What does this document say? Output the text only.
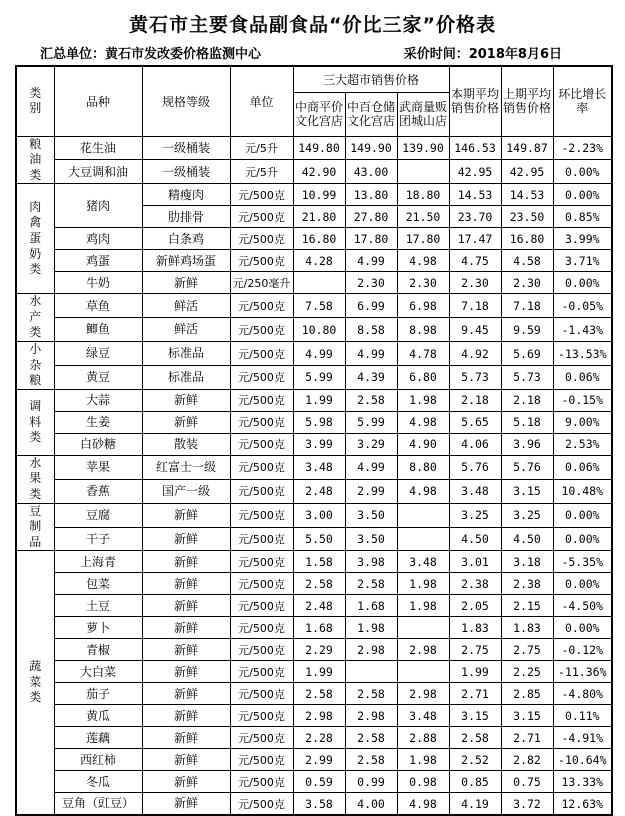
黄石市主要食品副食品“价比三家”价格表
汇总单位：黄石市发改委价格监测中心	采价时间：2018年8月6日
类别	品种	规格等级	单位	三大超市销售价格			本期平均销售价格	上期平均销售价格	环比增长率
				中商平价文化宫店	中百仓储文化宫店	武商量贩团城山店			
粮油类	花生油	一级桶装	元/5升	149.80	149.90	139.90	146.53	149.87	-2.23%
	大豆调和油	一级桶装	元/5升	42.90	43.00		42.95	42.95	0.00%
肉禽蛋奶类	猪肉	精瘦肉	元/500克	10.99	13.80	18.80	14.53	14.53	0.00%
		肋排骨	元/500克	21.80	27.80	21.50	23.70	23.50	0.85%
	鸡肉	白条鸡	元/500克	16.80	17.80	17.80	17.47	16.80	3.99%
	鸡蛋	新鲜鸡场蛋	元/500克	4.28	4.99	4.98	4.75	4.58	3.71%
	牛奶	新鲜	元/250毫升		2.30	2.30	2.30	2.30	0.00%
水产类	草鱼	鲜活	元/500克	7.58	6.99	6.98	7.18	7.18	-0.05%
	鲫鱼	鲜活	元/500克	10.80	8.58	8.98	9.45	9.59	-1.43%
小杂粮	绿豆	标准品	元/500克	4.99	4.99	4.78	4.92	5.69	-13.53%
	黄豆	标准品	元/500克	5.99	4.39	6.80	5.73	5.73	0.06%
调料类	大蒜	新鲜	元/500克	1.99	2.58	1.98	2.18	2.18	-0.15%
	生姜	新鲜	元/500克	5.98	5.99	4.98	5.65	5.18	9.00%
	白砂糖	散装	元/500克	3.99	3.29	4.90	4.06	3.96	2.53%
水果类	苹果	红富士一级	元/500克	3.48	4.99	8.80	5.76	5.76	0.06%
	香蕉	国产一级	元/500克	2.48	2.99	4.98	3.48	3.15	10.48%
豆制品	豆腐	新鲜	元/500克	3.00	3.50		3.25	3.25	0.00%
	干子	新鲜	元/500克	5.50	3.50		4.50	4.50	0.00%
蔬菜类	上海青	新鲜	元/500克	1.58	3.98	3.48	3.01	3.18	-5.35%
	包菜	新鲜	元/500克	2.58	2.58	1.98	2.38	2.38	0.00%
	土豆	新鲜	元/500克	2.48	1.68	1.98	2.05	2.15	-4.50%
	萝卜	新鲜	元/500克	1.68	1.98		1.83	1.83	0.00%
	青椒	新鲜	元/500克	2.29	2.98	2.98	2.75	2.75	-0.12%
	大白菜	新鲜	元/500克	1.99			1.99	2.25	-11.36%
	茄子	新鲜	元/500克	2.58	2.58	2.98	2.71	2.85	-4.80%
	黄瓜	新鲜	元/500克	2.98	2.98	3.48	3.15	3.15	0.11%
	莲藕	新鲜	元/500克	2.28	2.58	2.88	2.58	2.71	-4.91%
	西红柿	新鲜	元/500克	2.99	2.58	1.98	2.52	2.82	-10.64%
	冬瓜	新鲜	元/500克	0.59	0.99	0.98	0.85	0.75	13.33%
	豆角（豇豆）	新鲜	元/500克	3.58	4.00	4.98	4.19	3.72	12.63%
